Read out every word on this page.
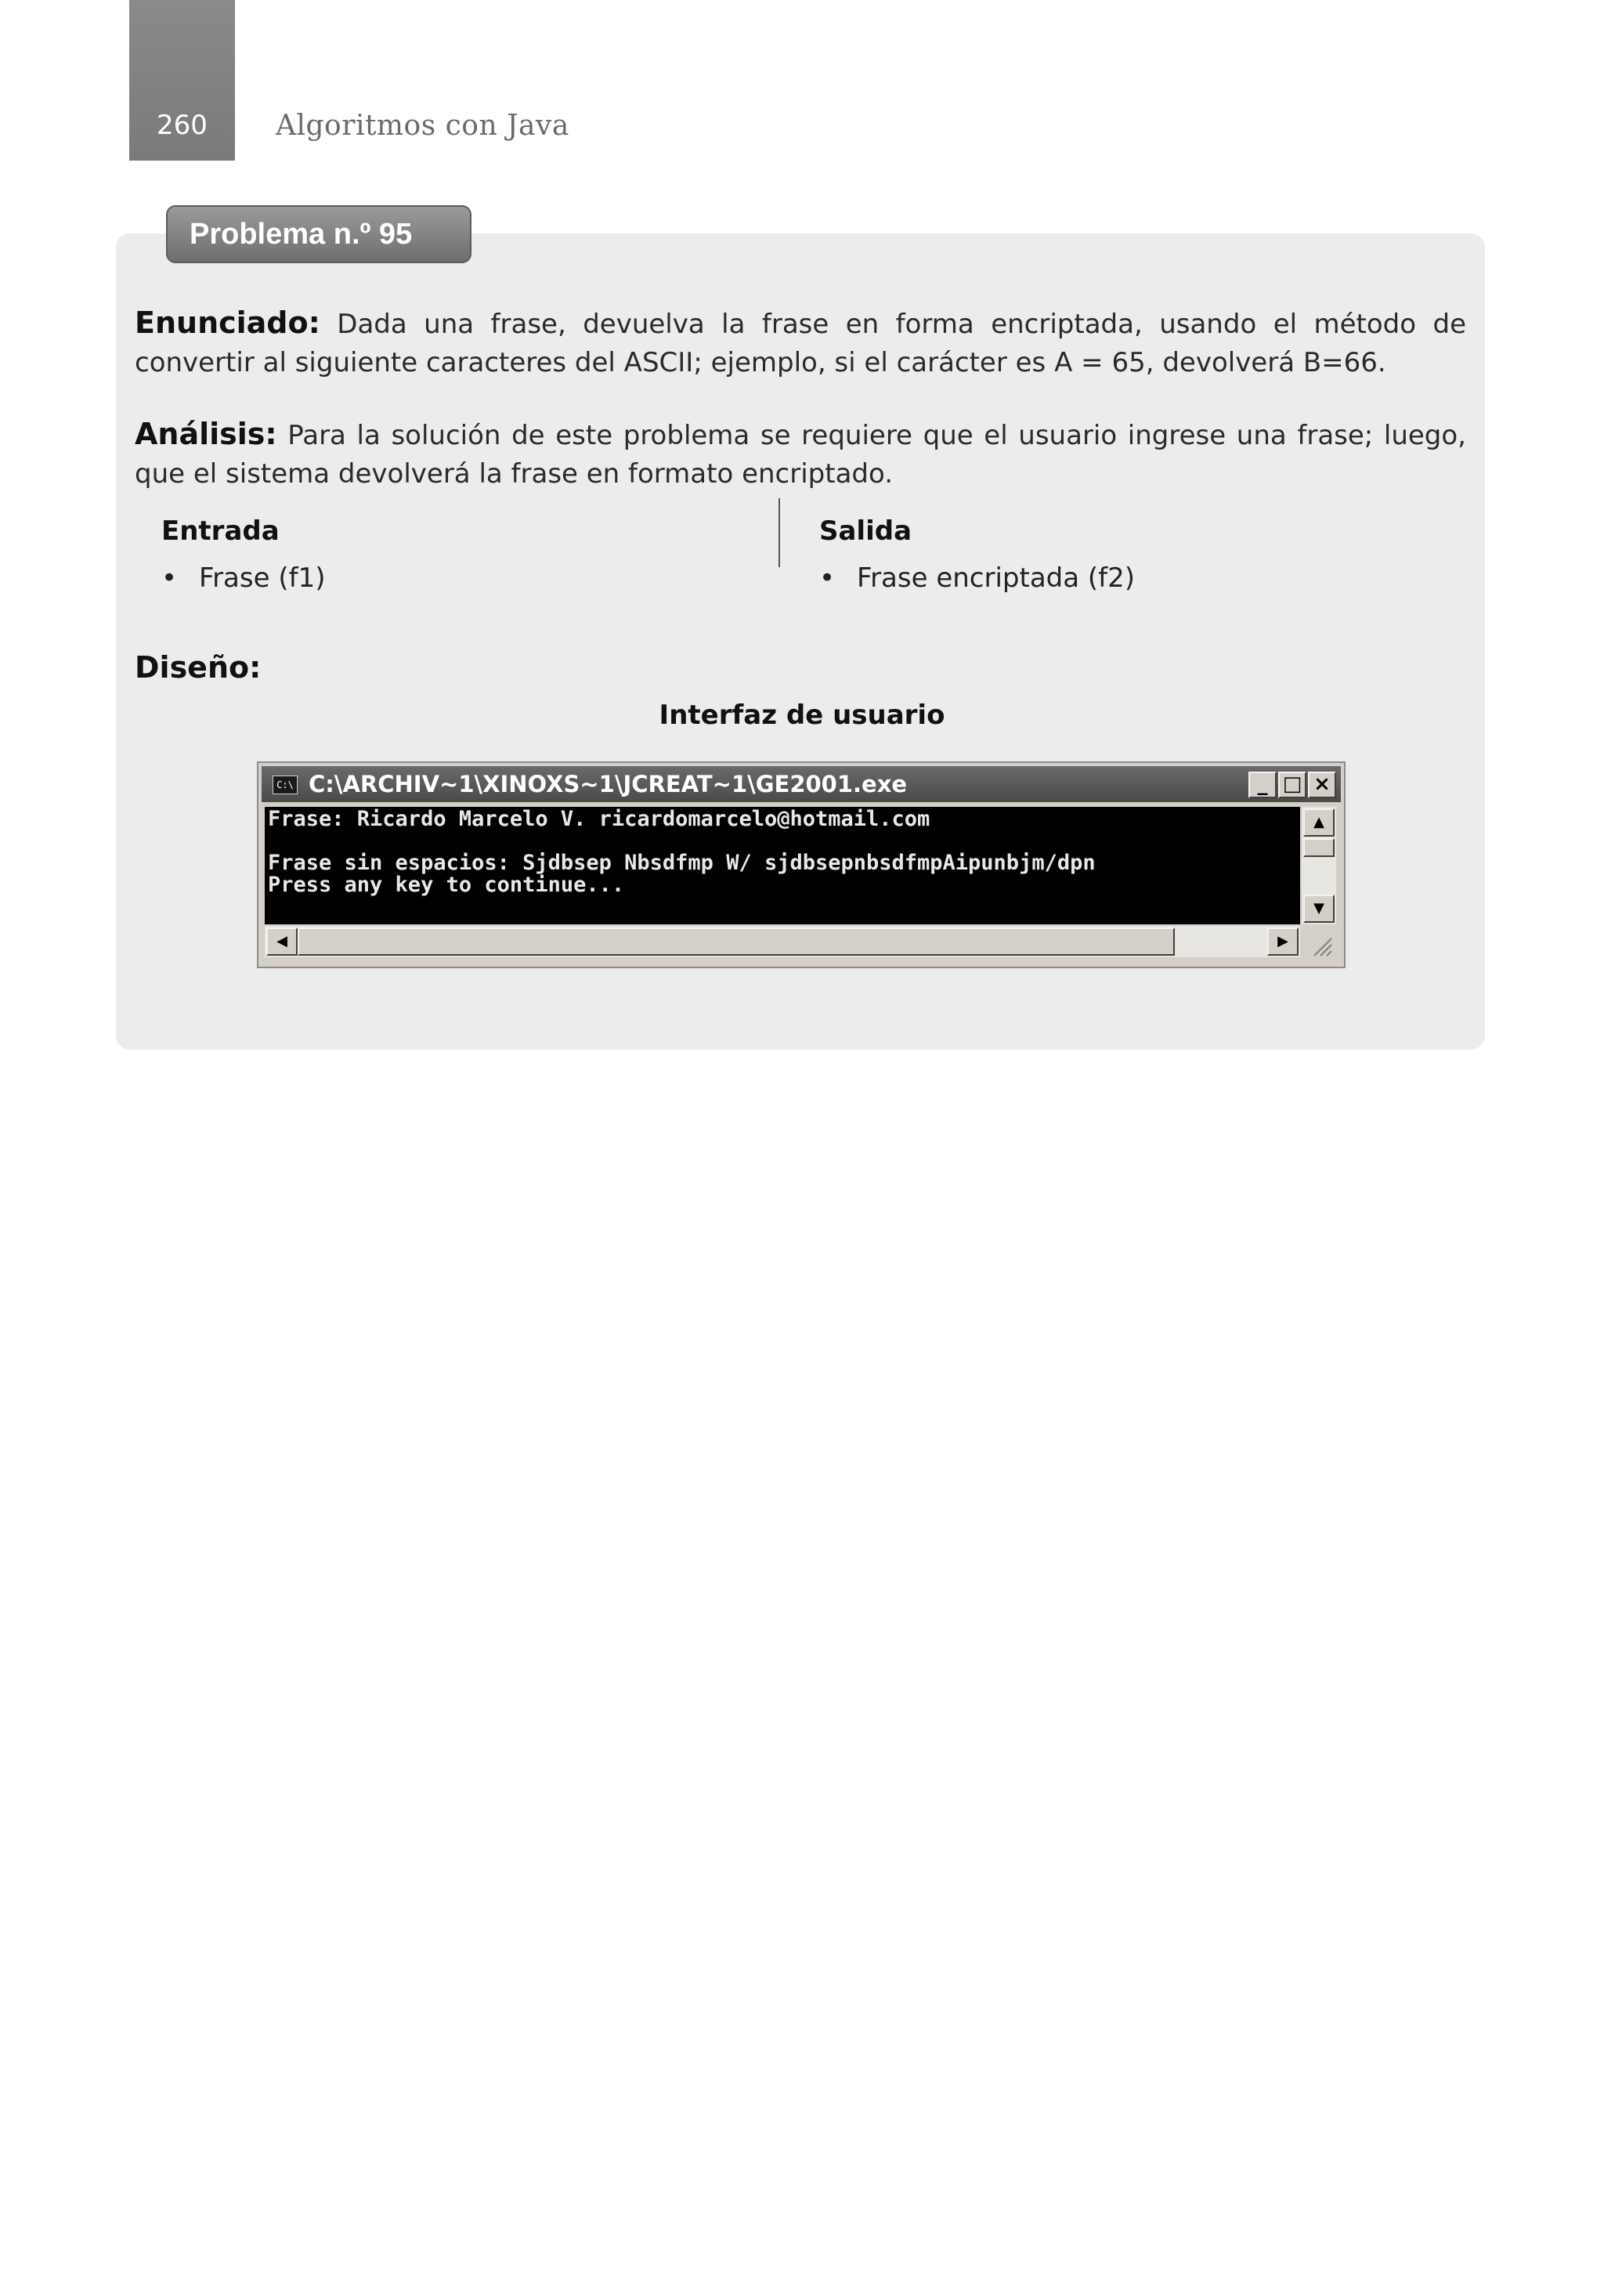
260	Algoritmos con Java
Problema n.º 95
Enunciado: Dada una frase, devuelva la frase en forma encriptada, usando el método de convertir al siguiente caracteres del ASCII; ejemplo, si el carácter es A = 65, devolverá B=66.
Análisis: Para la solución de este problema se requiere que el usuario ingrese una frase; luego, que el sistema devolverá la frase en formato encriptado.
Entrada
• Frase (f1)
Salida
• Frase encriptada (f2)
Diseño:
Interfaz de usuario
C:\ C:\ARCHIV~1\XINOXS~1\JCREAT~1\GE2001.exe	_ □ ×

Frase: Ricardo Marcelo V. ricardomarcelo@hotmail.com

Frase sin espacios: Sjdbsep Nbsdfmp W/ sjdbsepnbsdfmpAipunbjm/dpn

Press any key to continue...

▲
▼
◀	▶
